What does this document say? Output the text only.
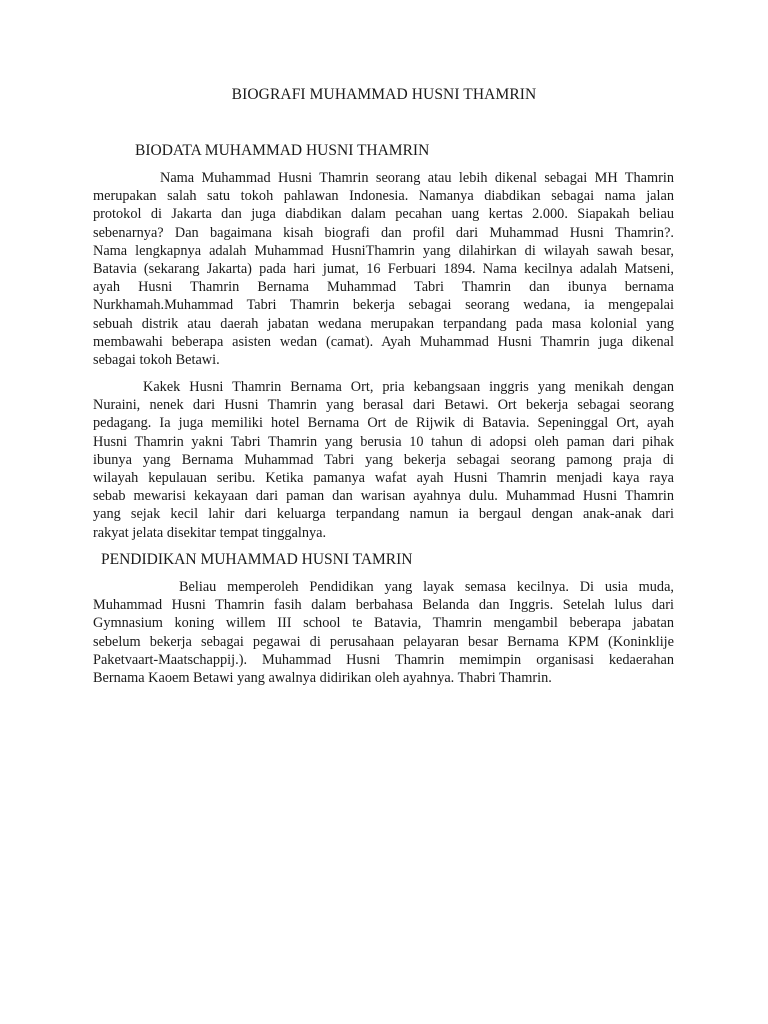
BIOGRAFI MUHAMMAD HUSNI THAMRIN
BIODATA MUHAMMAD HUSNI THAMRIN
Nama Muhammad Husni Thamrin seorang atau lebih dikenal sebagai MH Thamrin
merupakan salah satu tokoh pahlawan Indonesia. Namanya diabdikan sebagai nama jalan
protokol di Jakarta dan juga diabdikan dalam pecahan uang kertas 2.000. Siapakah beliau
sebenarnya? Dan bagaimana kisah biografi dan profil dari Muhammad Husni Thamrin?.
Nama lengkapnya adalah Muhammad HusniThamrin yang dilahirkan di wilayah sawah besar,
Batavia (sekarang Jakarta) pada hari jumat, 16 Ferbuari 1894. Nama kecilnya adalah Matseni,
ayah Husni Thamrin Bernama Muhammad Tabri Thamrin dan ibunya bernama
Nurkhamah.Muhammad Tabri Thamrin bekerja sebagai seorang wedana, ia mengepalai
sebuah distrik atau daerah jabatan wedana merupakan terpandang pada masa kolonial yang
membawahi beberapa asisten wedan (camat). Ayah Muhammad Husni Thamrin juga dikenal
sebagai tokoh Betawi.
Kakek Husni Thamrin Bernama Ort, pria kebangsaan inggris yang menikah dengan
Nuraini, nenek dari Husni Thamrin yang berasal dari Betawi. Ort bekerja sebagai seorang
pedagang. Ia juga memiliki hotel Bernama Ort de Rijwik di Batavia. Sepeninggal Ort, ayah
Husni Thamrin yakni Tabri Thamrin yang berusia 10 tahun di adopsi oleh paman dari pihak
ibunya yang Bernama Muhammad Tabri yang bekerja sebagai seorang pamong praja di
wilayah kepulauan seribu. Ketika pamanya wafat ayah Husni Thamrin menjadi kaya raya
sebab mewarisi kekayaan dari paman dan warisan ayahnya dulu. Muhammad Husni Thamrin
yang sejak kecil lahir dari keluarga terpandang namun ia bergaul dengan anak-anak dari
rakyat jelata disekitar tempat tinggalnya.
PENDIDIKAN MUHAMMAD HUSNI TAMRIN
Beliau memperoleh Pendidikan yang layak semasa kecilnya. Di usia muda,
Muhammad Husni Thamrin fasih dalam berbahasa Belanda dan Inggris. Setelah lulus dari
Gymnasium koning willem III school te Batavia, Thamrin mengambil beberapa jabatan
sebelum bekerja sebagai pegawai di perusahaan pelayaran besar Bernama KPM (Koninklije
Paketvaart-Maatschappij.). Muhammad Husni Thamrin memimpin organisasi kedaerahan
Bernama Kaoem Betawi yang awalnya didirikan oleh ayahnya. Thabri Thamrin.
